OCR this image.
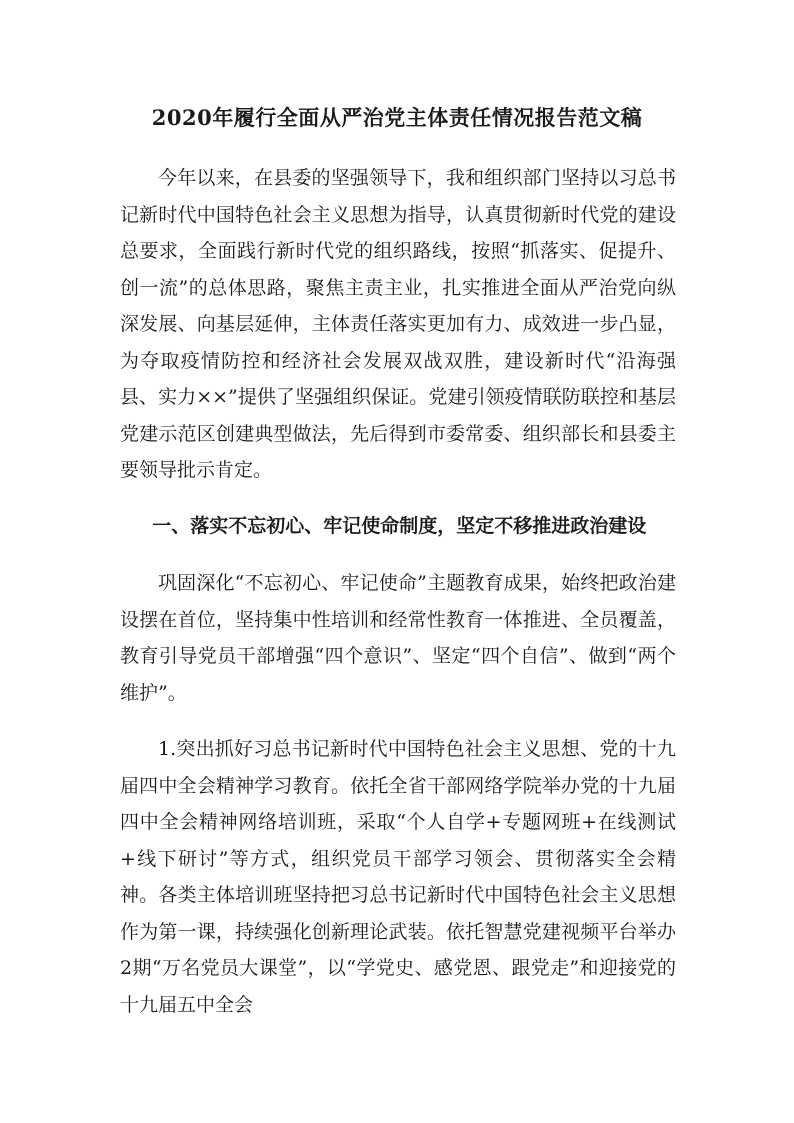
2020年履行全面从严治党主体责任情况报告范文稿

今年以来，在县委的坚强领导下，我和组织部门坚持以习总书记新时代中国特色社会主义思想为指导，认真贯彻新时代党的建设总要求，全面践行新时代党的组织路线，按照“抓落实、促提升、创一流”的总体思路，聚焦主责主业，扎实推进全面从严治党向纵深发展、向基层延伸，主体责任落实更加有力、成效进一步凸显，为夺取疫情防控和经济社会发展双战双胜，建设新时代“沿海强县、实力××”提供了坚强组织保证。党建引领疫情联防联控和基层党建示范区创建典型做法，先后得到市委常委、组织部长和县委主要领导批示肯定。

一、落实不忘初心、牢记使命制度，坚定不移推进政治建设

巩固深化“不忘初心、牢记使命”主题教育成果，始终把政治建设摆在首位，坚持集中性培训和经常性教育一体推进、全员覆盖，教育引导党员干部增强“四个意识”、坚定“四个自信”、做到“两个维护”。

1.突出抓好习总书记新时代中国特色社会主义思想、党的十九届四中全会精神学习教育。依托全省干部网络学院举办党的十九届四中全会精神网络培训班，采取“个人自学+专题网班+在线测试+线下研讨”等方式，组织党员干部学习领会、贯彻落实全会精神。各类主体培训班坚持把习总书记新时代中国特色社会主义思想作为第一课，持续强化创新理论武装。依托智慧党建视频平台举办2期“万名党员大课堂”，以“学党史、感党恩、跟党走”和迎接党的十九届五中全会
